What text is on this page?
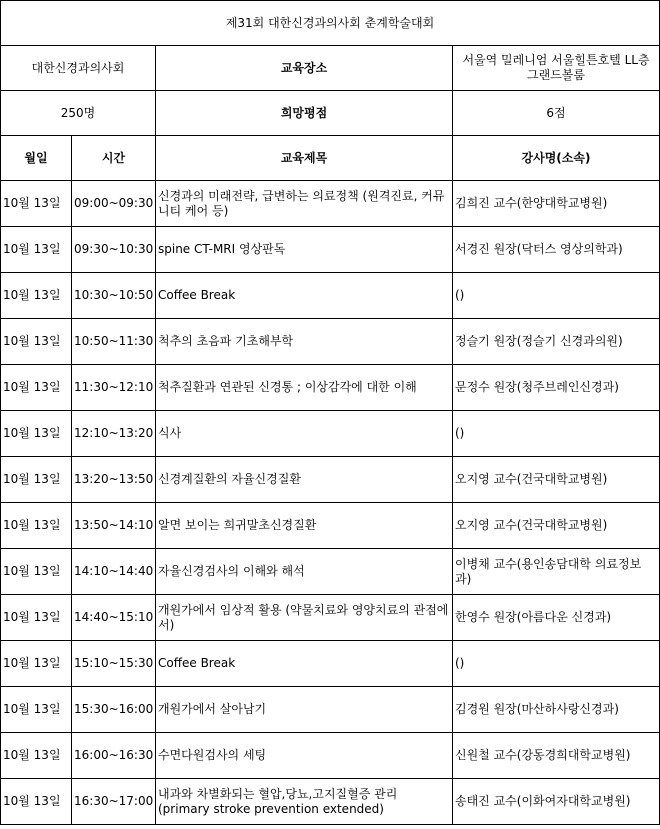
제31회 대한신경과의사회 춘계학술대회			
대한신경과의사회		교육장소	서울역 밀레니엄 서울힐튼호텔 LL층 그랜드볼룸
250명		희망평점	6점
월일	시간	교육제목	강사명(소속)
10월 13일	09:00~09:30	신경과의 미래전략, 급변하는 의료정책 (원격진료, 커뮤니티 케어 등)	김희진 교수(한양대학교병원)
10월 13일	09:30~10:30	spine CT-MRI 영상판독	서경진 원장(닥터스 영상의학과)
10월 13일	10:30~10:50	Coffee Break	()
10월 13일	10:50~11:30	척추의 초음파 기초해부학	정슬기 원장(정슬기 신경과의원)
10월 13일	11:30~12:10	척추질환과 연관된 신경통 ; 이상감각에 대한 이해	문정수 원장(청주브레인신경과)
10월 13일	12:10~13:20	식사	()
10월 13일	13:20~13:50	신경계질환의 자율신경질환	오지영 교수(건국대학교병원)
10월 13일	13:50~14:10	알면 보이는 희귀말초신경질환	오지영 교수(건국대학교병원)
10월 13일	14:10~14:40	자율신경검사의 이해와 해석	이병채 교수(용인송담대학 의료정보과)
10월 13일	14:40~15:10	개원가에서 임상적 활용 (약물치료와 영양치료의 관점에서)	한영수 원장(아름다운 신경과)
10월 13일	15:10~15:30	Coffee Break	()
10월 13일	15:30~16:00	개원가에서 살아남기	김경원 원장(마산하사랑신경과)
10월 13일	16:00~16:30	수면다원검사의 세팅	신원철 교수(강동경희대학교병원)
10월 13일	16:30~17:00	내과와 차별화되는 혈압,당뇨,고지질혈증 관리 (primary stroke prevention extended)	송태진 교수(이화여자대학교병원)
